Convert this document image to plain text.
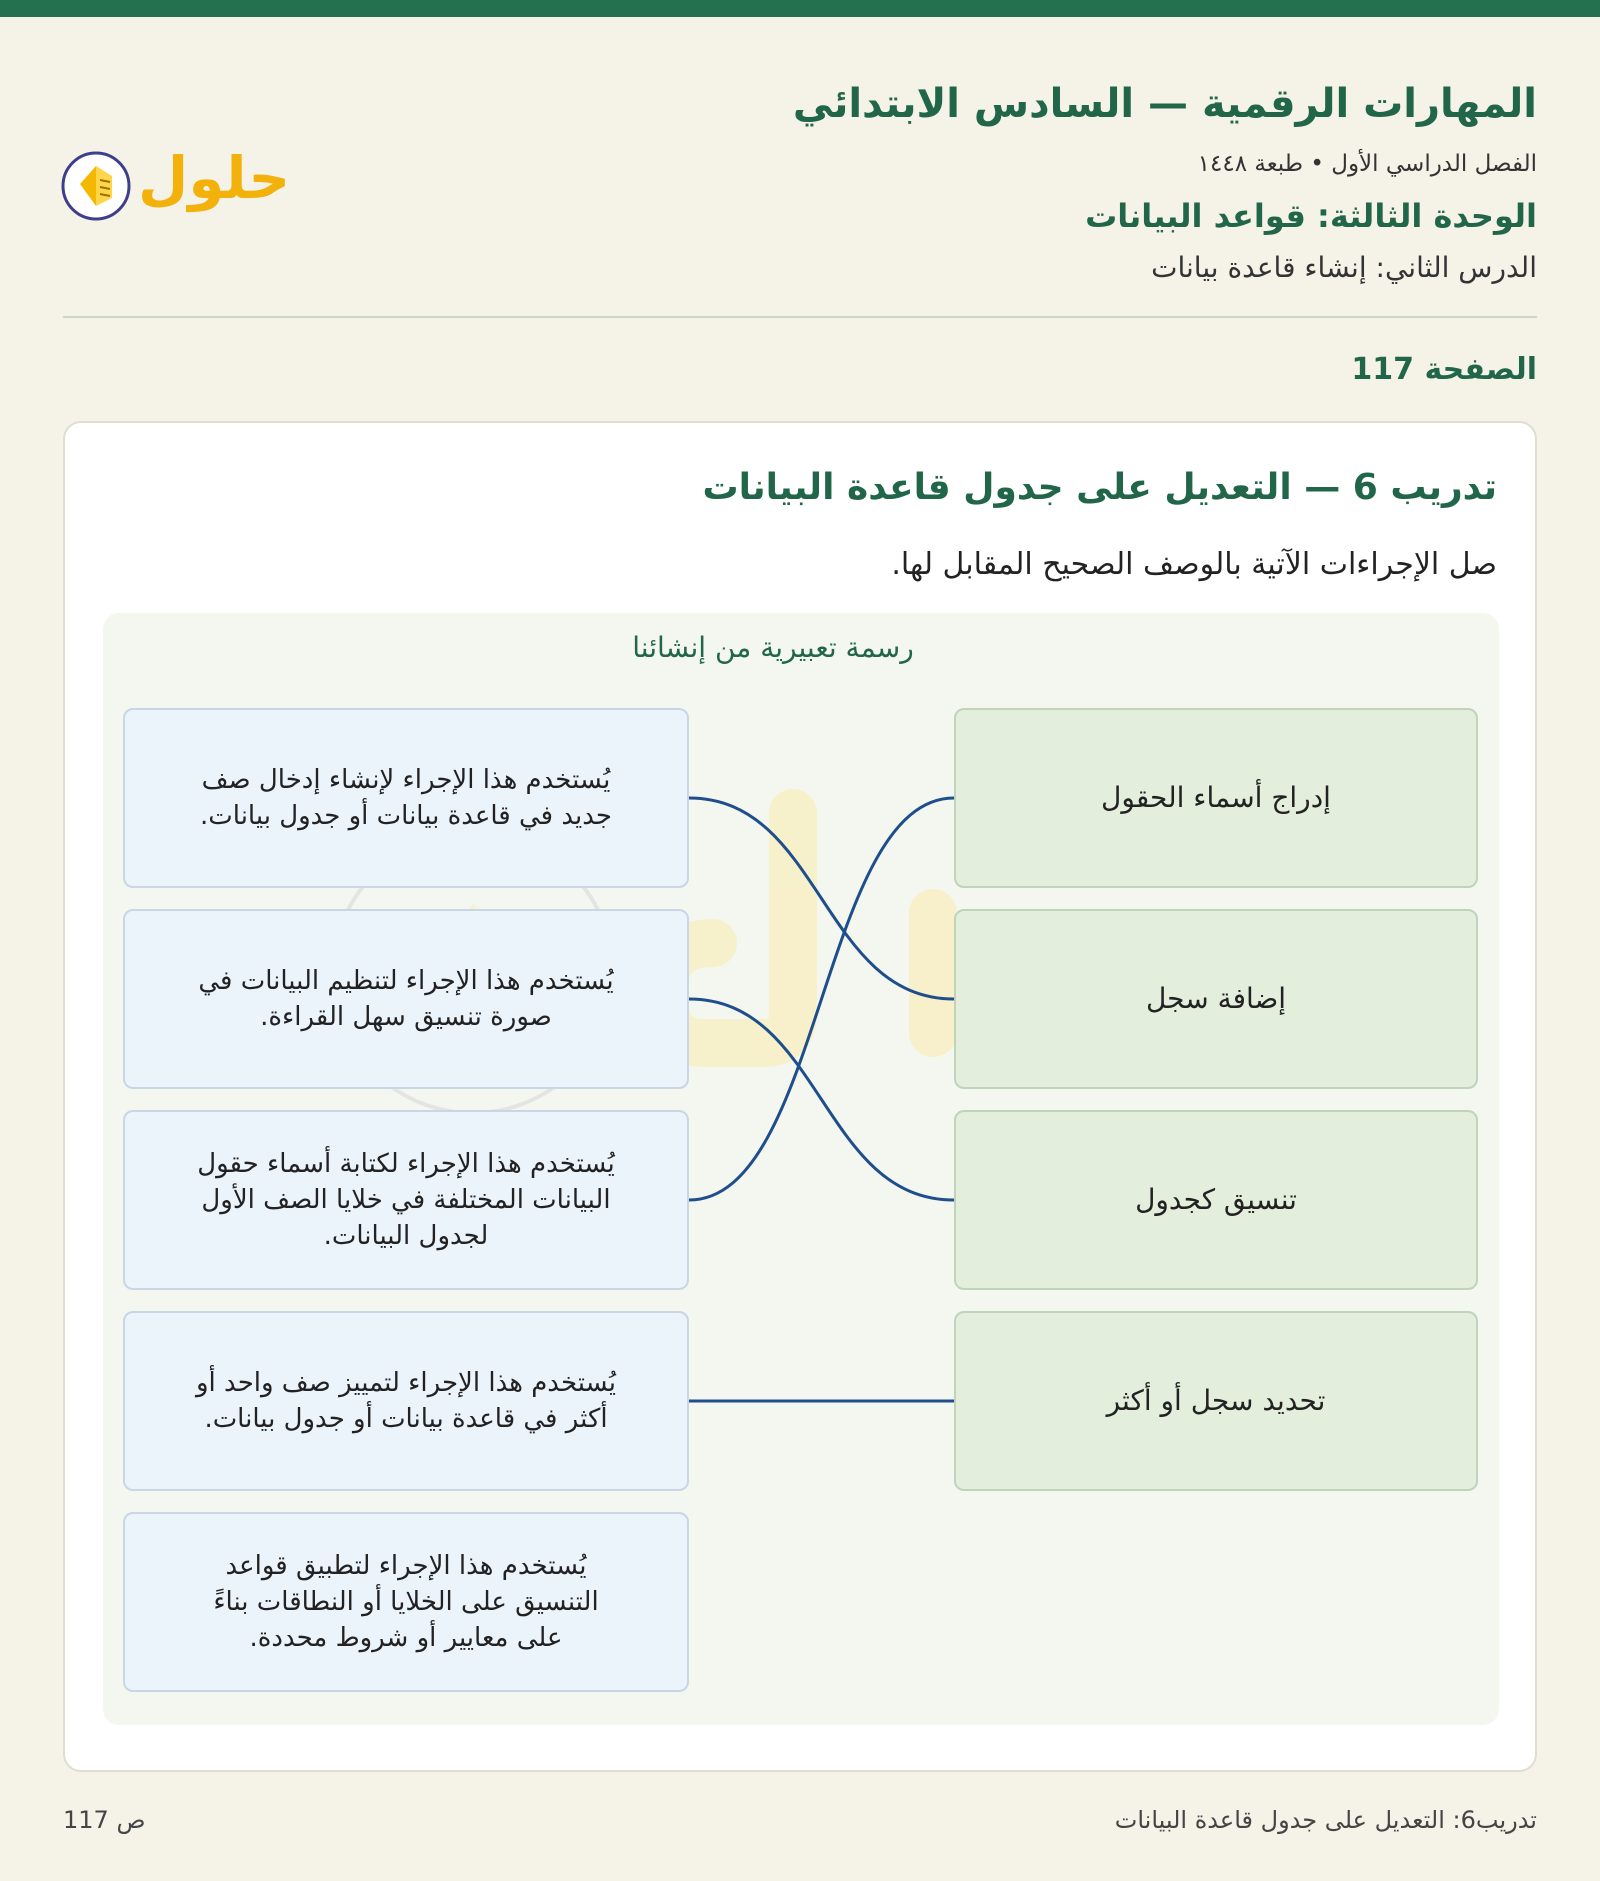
المهارات الرقمية — السادس الابتدائي
الفصل الدراسي الأول • طبعة ١٤٤٨
الوحدة الثالثة: قواعد البيانات
الدرس الثاني: إنشاء قاعدة بيانات
حلول
الصفحة 117
تدريب 6 — التعديل على جدول قاعدة البيانات
صل الإجراءات الآتية بالوصف الصحيح المقابل لها.
رسمة تعبيرية من إنشائنا
يُستخدم هذا الإجراء لإنشاء إدخال صف جديد في قاعدة بيانات أو جدول بيانات.
يُستخدم هذا الإجراء لتنظيم البيانات في صورة تنسيق سهل القراءة.
يُستخدم هذا الإجراء لكتابة أسماء حقول البيانات المختلفة في خلايا الصف الأول لجدول البيانات.
يُستخدم هذا الإجراء لتمييز صف واحد أو أكثر في قاعدة بيانات أو جدول بيانات.
يُستخدم هذا الإجراء لتطبيق قواعد التنسيق على الخلايا أو النطاقات بناءً على معايير أو شروط محددة.
إدراج أسماء الحقول
إضافة سجل
تنسيق كجدول
تحديد سجل أو أكثر
ص 117	تدريب6: التعديل على جدول قاعدة البيانات
